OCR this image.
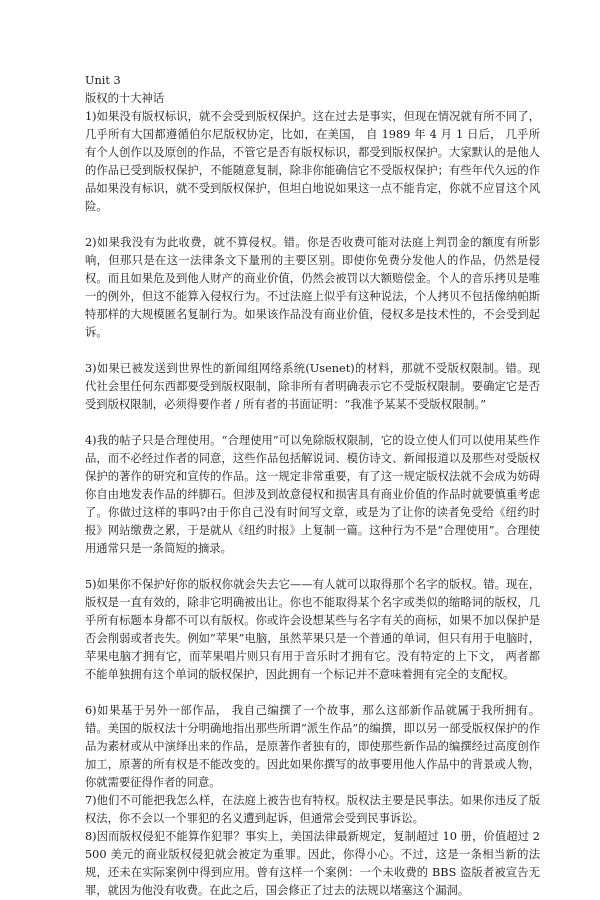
Unit 3
版权的十大神话
1)如果没有版权标识，就不会受到版权保护。这在过去是事实，但现在情况就有所不同了，几乎所有大国都遵循伯尔尼版权协定，比如，在美国， 自 1989 年 4 月 1 日后， 几乎所有个人创作以及原创的作品，不管它是否有版权标识，都受到版权保护。大家默认的是他人的作品已受到版权保护，不能随意复制，除非你能确信它不受版权保护；有些年代久远的作品如果没有标识，就不受到版权保护，但坦白地说如果这一点不能肯定，你就不应冒这个风险。
2)如果我没有为此收费，就不算侵权。错。你是否收费可能对法庭上判罚金的额度有所影响，但那只是在这一法律条文下量刑的主要区别。即使你免费分发他人的作品，仍然是侵权。而且如果危及到他人财产的商业价值，仍然会被罚以大额赔偿金。个人的音乐拷贝是唯一的例外，但这不能算入侵权行为。不过法庭上似乎有这种说法，个人拷贝不包括像纳帕斯特那样的大规模匿名复制行为。如果该作品没有商业价值，侵权多是技术性的，不会受到起诉。
3)如果已被发送到世界性的新闻组网络系统(Usenet)的材料，那就不受版权限制。错。现代社会里任何东西都要受到版权限制，除非所有者明确表示它不受版权限制。要确定它是否受到版权限制，必须得要作者 / 所有者的书面证明：“我准予某某不受版权限制。”
4)我的帖子只是合理使用。“合理使用”可以免除版权限制，它的设立使人们可以使用某些作品，而不必经过作者的同意，这些作品包括解说词、模仿诗文、新闻报道以及那些对受版权保护的著作的研究和宣传的作品。这一规定非常重要，有了这一规定版权法就不会成为妨碍你自由地发表作品的绊脚石。但涉及到故意侵权和损害具有商业价值的作品时就要慎重考虑了。你做过这样的事吗?由于你自己没有时间写文章，或是为了让你的读者免受给《纽约时报》网站缴费之累，于是就从《纽约时报》上复制一篇。这种行为不是“合理使用”。合理使用通常只是一条简短的摘录。
5)如果你不保护好你的版权你就会失去它——有人就可以取得那个名字的版权。错。现在，版权是一直有效的，除非它明确被出让。你也不能取得某个名字或类似的缩略词的版权，几乎所有标题本身都不可以有版权。你或许会设想某些与名字有关的商标，如果不加以保护是否会削弱或者丧失。例如“苹果”电脑，虽然苹果只是一个普通的单词，但只有用于电脑时，苹果电脑才拥有它，而苹果唱片则只有用于音乐时才拥有它。没有特定的上下文， 两者都不能单独拥有这个单词的版权保护，因此拥有一个标记并不意味着拥有完全的支配权。
6)如果基于另外一部作品， 我自己编撰了一个故事，那么这部新作品就属于我所拥有。错。美国的版权法十分明确地指出那些所谓“派生作品”的编撰，即以另一部受版权保护的作品为素材或从中演绎出来的作品，是原著作者独有的，即使那些新作品的编撰经过高度创作加工，原著的所有权是不能改变的。因此如果你撰写的故事要用他人作品中的背景或人物，你就需要征得作者的同意。
7)他们不可能把我怎么样，在法庭上被告也有特权。版权法主要是民事法。如果你违反了版权法，你不会以一个罪犯的名义遭到起诉，但通常会受到民事诉讼。
8)因而版权侵犯不能算作犯罪？事实上，美国法律最新规定，复制超过 10 册，价值超过 2 500 美元的商业版权侵犯就会被定为重罪。因此，你得小心。不过，这是一条相当新的法规，还未在实际案例中得到应用。曾有这样一个案例：一个未收费的 BBS 盗版者被宣告无罪，就因为他没有收费。在此之后，国会修正了过去的法规以堵塞这个漏洞。
